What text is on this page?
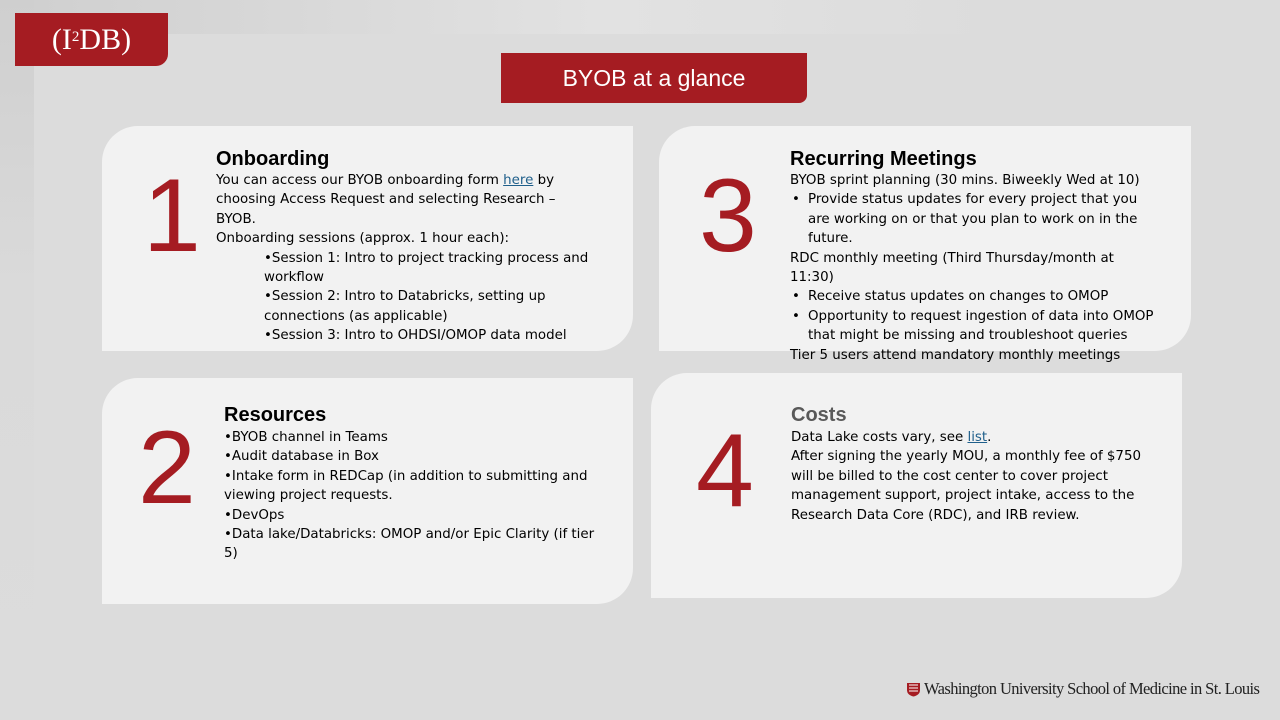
($I^2$ DB)
BYOB at a glance
1 Onboarding

You can access our BYOB onboarding form here by choosing Access Request and selecting Research – BYOB.

Onboarding sessions (approx. 1 hour each):

•Session 1: Intro to project tracking process and workflow

•Session 2: Intro to Databricks, setting up connections (as applicable)

•Session 3: Intro to OHDSI/OMOP data model

3 Recurring Meetings

BYOB sprint planning (30 mins. Biweekly Wed at 10)

• Provide status updates for every project that you are working on or that you plan to work on in the future.

RDC monthly meeting (Third Thursday/month at 11:30)

• Receive status updates on changes to OMOP
• Opportunity to request ingestion of data into OMOP that might be missing and troubleshoot queries

Tier 5 users attend mandatory monthly meetings

2 Resources

•BYOB channel in Teams

•Audit database in Box

•Intake form in REDCap (in addition to submitting and viewing project requests.

•DevOps

•Data lake/Databricks: OMOP and/or Epic Clarity (if tier 5)

4 Costs

Data Lake costs vary, see list.

After signing the yearly MOU, a monthly fee of $750 will be billed to the cost center to cover project management support, project intake, access to the Research Data Core (RDC), and IRB review.

Washington University School of Medicine in St. Louis
